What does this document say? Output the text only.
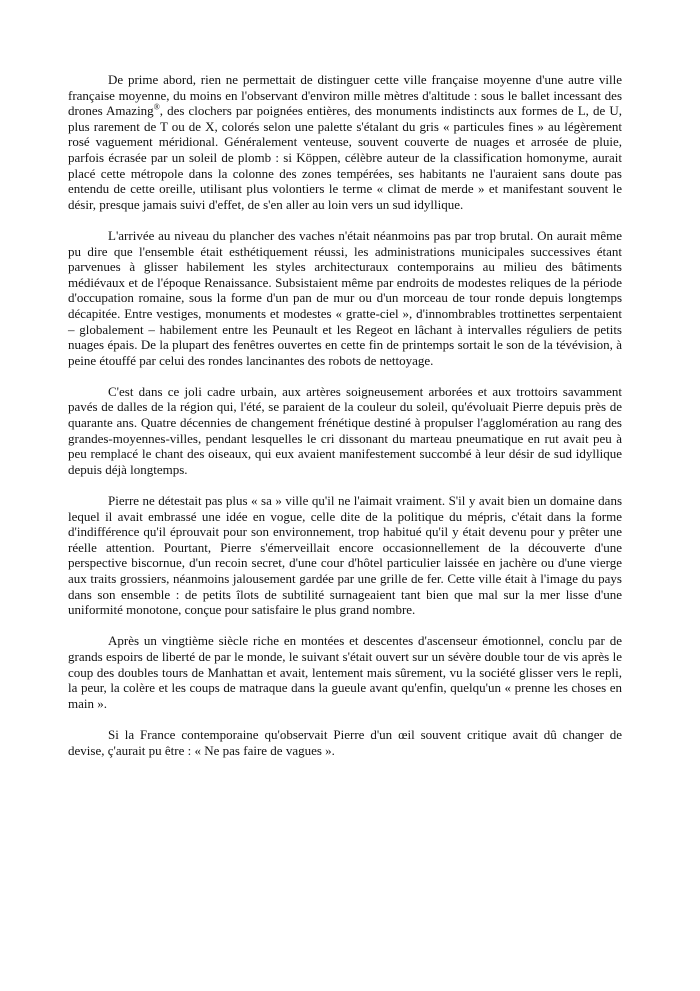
De prime abord, rien ne permettait de distinguer cette ville française moyenne d'une autre ville française moyenne, du moins en l'observant d'environ mille mètres d'altitude : sous le ballet incessant des drones Amazing®, des clochers par poignées entières, des monuments indistincts aux formes de L, de U, plus rarement de T ou de X, colorés selon une palette s'étalant du gris « particules fines » au légèrement rosé vaguement méridional. Généralement venteuse, souvent couverte de nuages et arrosée de pluie, parfois écrasée par un soleil de plomb : si Köppen, célèbre auteur de la classification homonyme, aurait placé cette métropole dans la colonne des zones tempérées, ses habitants ne l'auraient sans doute pas entendu de cette oreille, utilisant plus volontiers le terme « climat de merde » et manifestant souvent le désir, presque jamais suivi d'effet, de s'en aller au loin vers un sud idyllique.

L'arrivée au niveau du plancher des vaches n'était néanmoins pas par trop brutal. On aurait même pu dire que l'ensemble était esthétiquement réussi, les administrations municipales successives étant parvenues à glisser habilement les styles architecturaux contemporains au milieu des bâtiments médiévaux et de l'époque Renaissance. Subsistaient même par endroits de modestes reliques de la période d'occupation romaine, sous la forme d'un pan de mur ou d'un morceau de tour ronde depuis longtemps décapitée. Entre vestiges, monuments et modestes « gratte-ciel », d'innombrables trottinettes serpentaient – globalement – habilement entre les Peunault et les Regeot en lâchant à intervalles réguliers de petits nuages épais. De la plupart des fenêtres ouvertes en cette fin de printemps sortait le son de la tévévision, à peine étouffé par celui des rondes lancinantes des robots de nettoyage.

C'est dans ce joli cadre urbain, aux artères soigneusement arborées et aux trottoirs savamment pavés de dalles de la région qui, l'été, se paraient de la couleur du soleil, qu'évoluait Pierre depuis près de quarante ans. Quatre décennies de changement frénétique destiné à propulser l'agglomération au rang des grandes-moyennes-villes, pendant lesquelles le cri dissonant du marteau pneumatique en rut avait peu à peu remplacé le chant des oiseaux, qui eux avaient manifestement succombé à leur désir de sud idyllique depuis déjà longtemps.

Pierre ne détestait pas plus « sa » ville qu'il ne l'aimait vraiment. S'il y avait bien un domaine dans lequel il avait embrassé une idée en vogue, celle dite de la politique du mépris, c'était dans la forme d'indifférence qu'il éprouvait pour son environnement, trop habitué qu'il y était devenu pour y prêter une réelle attention. Pourtant, Pierre s'émerveillait encore occasionnellement de la découverte d'une perspective biscornue, d'un recoin secret, d'une cour d'hôtel particulier laissée en jachère ou d'une vierge aux traits grossiers, néanmoins jalousement gardée par une grille de fer. Cette ville était à l'image du pays dans son ensemble : de petits îlots de subtilité surnageaient tant bien que mal sur la mer lisse d'une uniformité monotone, conçue pour satisfaire le plus grand nombre.

Après un vingtième siècle riche en montées et descentes d'ascenseur émotionnel, conclu par de grands espoirs de liberté de par le monde, le suivant s'était ouvert sur un sévère double tour de vis après le coup des doubles tours de Manhattan et avait, lentement mais sûrement, vu la société glisser vers le repli, la peur, la colère et les coups de matraque dans la gueule avant qu'enfin, quelqu'un « prenne les choses en main ».

Si la France contemporaine qu'observait Pierre d'un œil souvent critique avait dû changer de devise, ç'aurait pu être : « Ne pas faire de vagues ».
